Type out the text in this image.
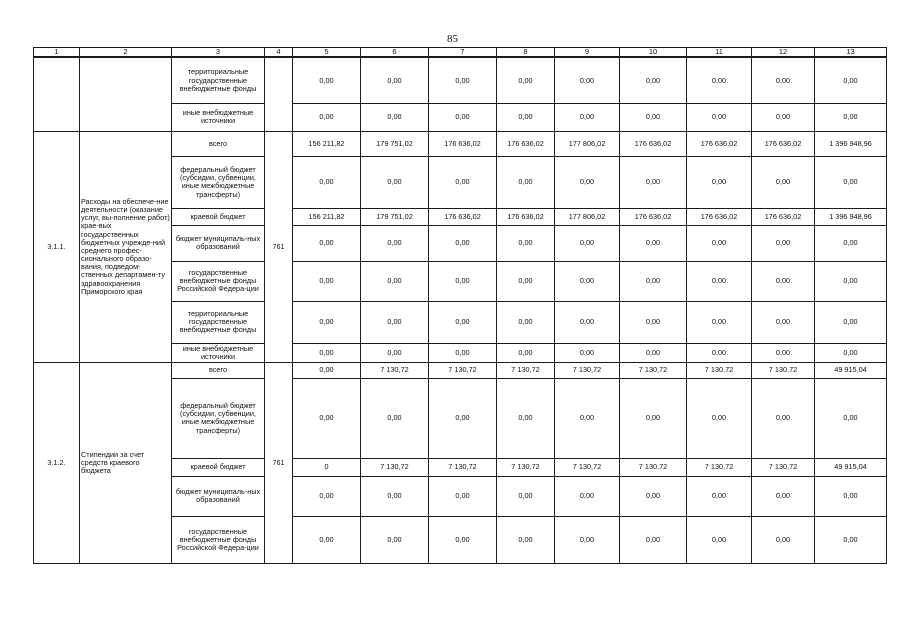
85
1	2	3	4	5	6	7	8	9	10	11	12	13
		территориальные государственные внебюджетные фонды		0,00	0,00	0,00	0,00	0,00	0,00	0,00	0,00	0,00
		иные внебюджетные источники		0,00	0,00	0,00	0,00	0,00	0,00	0,00	0,00	0,00
3.1.1.	Расходы на обеспече-ние деятельности (оказание услуг, вы-полнение работ) крае-вых государственных бюджетных учрежде-ний среднего профес-сионального образо-вания, подведом-ственных департамен-ту здравоохранения Приморского края	всего	761	156 211,82	179 751,02	176 636,02	176 636,02	177 806,02	176 636,02	176 636,02	176 636,02	1 396 948,96
		федеральный бюджет (субсидии, субвенции, иные межбюджетные трансферты)		0,00	0,00	0,00	0,00	0,00	0,00	0,00	0,00	0,00
		краевой бюджет		156 211,82	179 751,02	176 636,02	176 636,02	177 806,02	176 636,02	176 636,02	176 636,02	1 396 948,96
		бюджет муниципаль-ных образований		0,00	0,00	0,00	0,00	0,00	0,00	0,00	0,00	0,00
		государственные внебюджетные фонды Российской Федера-ции		0,00	0,00	0,00	0,00	0,00	0,00	0,00	0,00	0,00
		территориальные государственные внебюджетные фонды		0,00	0,00	0,00	0,00	0,00	0,00	0,00	0,00	0,00
		иные внебюджетные источники		0,00	0,00	0,00	0,00	0,00	0,00	0,00	0,00	0,00
3.1.2.	Стипендии за счет средств краевого бюджета	всего	761	0,00	7 130,72	7 130,72	7 130,72	7 130,72	7 130,72	7 130,72	7 130,72	49 915,04
		федеральный бюджет (субсидии, субвенции, иные межбюджетные трансферты)		0,00	0,00	0,00	0,00	0,00	0,00	0,00	0,00	0,00
		краевой бюджет		0	7 130,72	7 130,72	7 130,72	7 130,72	7 130,72	7 130,72	7 130,72	49 915,04
		бюджет муниципаль-ных образований		0,00	0,00	0,00	0,00	0,00	0,00	0,00	0,00	0,00
		государственные внебюджетные фонды Российской Федера-ции		0,00	0,00	0,00	0,00	0,00	0,00	0,00	0,00	0,00
